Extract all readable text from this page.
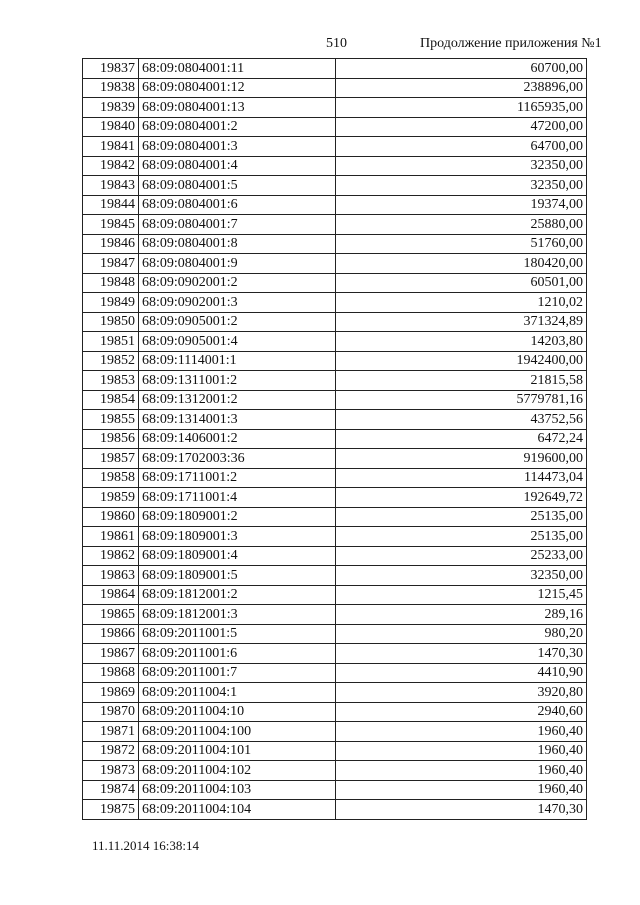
510	Продолжение приложения №1
19837	68:09:0804001:11	60700,00
19838	68:09:0804001:12	238896,00
19839	68:09:0804001:13	1165935,00
19840	68:09:0804001:2	47200,00
19841	68:09:0804001:3	64700,00
19842	68:09:0804001:4	32350,00
19843	68:09:0804001:5	32350,00
19844	68:09:0804001:6	19374,00
19845	68:09:0804001:7	25880,00
19846	68:09:0804001:8	51760,00
19847	68:09:0804001:9	180420,00
19848	68:09:0902001:2	60501,00
19849	68:09:0902001:3	1210,02
19850	68:09:0905001:2	371324,89
19851	68:09:0905001:4	14203,80
19852	68:09:1114001:1	1942400,00
19853	68:09:1311001:2	21815,58
19854	68:09:1312001:2	5779781,16
19855	68:09:1314001:3	43752,56
19856	68:09:1406001:2	6472,24
19857	68:09:1702003:36	919600,00
19858	68:09:1711001:2	114473,04
19859	68:09:1711001:4	192649,72
19860	68:09:1809001:2	25135,00
19861	68:09:1809001:3	25135,00
19862	68:09:1809001:4	25233,00
19863	68:09:1809001:5	32350,00
19864	68:09:1812001:2	1215,45
19865	68:09:1812001:3	289,16
19866	68:09:2011001:5	980,20
19867	68:09:2011001:6	1470,30
19868	68:09:2011001:7	4410,90
19869	68:09:2011004:1	3920,80
19870	68:09:2011004:10	2940,60
19871	68:09:2011004:100	1960,40
19872	68:09:2011004:101	1960,40
19873	68:09:2011004:102	1960,40
19874	68:09:2011004:103	1960,40
19875	68:09:2011004:104	1470,30
11.11.2014 16:38:14
